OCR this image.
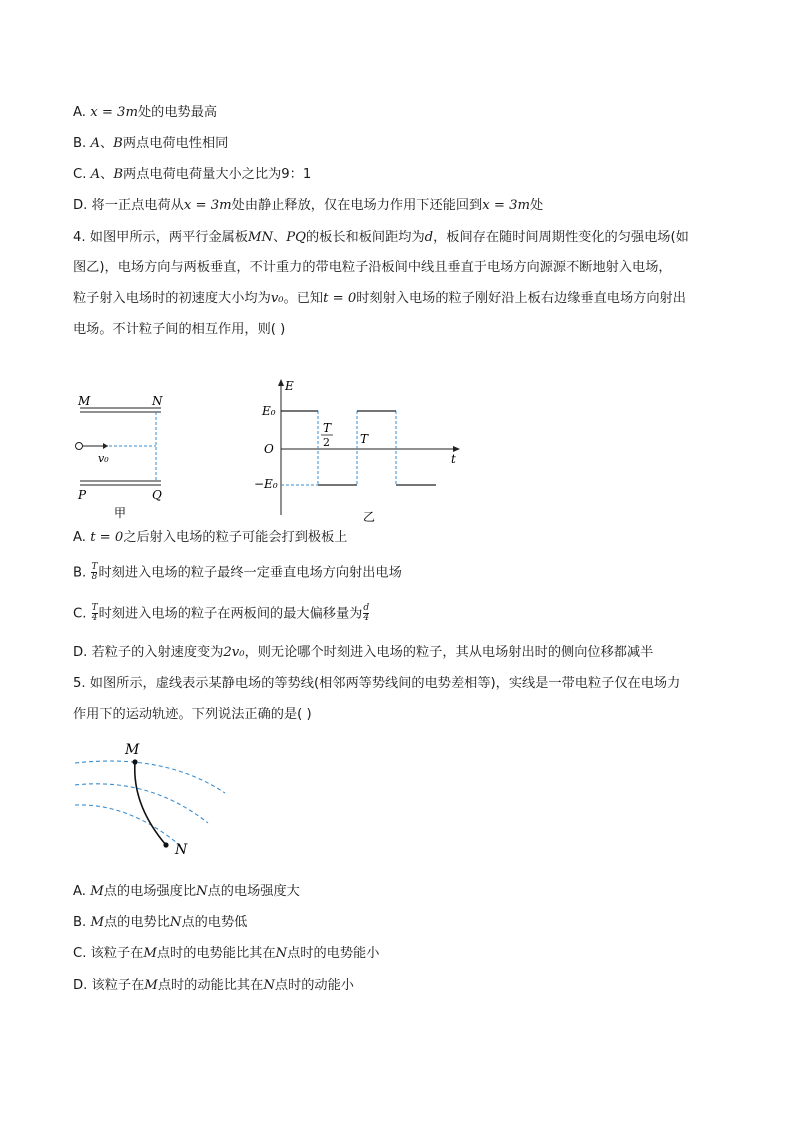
A. x = 3m处的电势最高
B. A、B两点电荷电性相同
C. A、B两点电荷电荷量大小之比为9：1
D. 将一正点电荷从x = 3m处由静止释放，仅在电场力作用下还能回到x = 3m处
4. 如图甲所示，两平行金属板MN、PQ的板长和板间距均为d，板间存在随时间周期性变化的匀强电场(如
图乙)，电场方向与两板垂直，不计重力的带电粒子沿板间中线且垂直于电场方向源源不断地射入电场，
粒子射入电场时的初速度大小均为v₀。已知t = 0时刻射入电场的粒子刚好沿上板右边缘垂直电场方向射出
电场。不计粒子间的相互作用，则( )
M	N
v₀
P	Q
甲
E
t
O
E₀
−E₀
T
2	T
乙
A. t = 0之后射入电场的粒子可能会打到极板上
B. $\frac{T}{8}$ 时刻进入电场的粒子最终一定垂直电场方向射出电场
C. $\frac{T}{4}$ 时刻进入电场的粒子在两板间的最大偏移量为 $\frac{d}{4}$
D. 若粒子的入射速度变为2v₀，则无论哪个时刻进入电场的粒子，其从电场射出时的侧向位移都减半
5. 如图所示，虚线表示某静电场的等势线(相邻两等势线间的电势差相等)，实线是一带电粒子仅在电场力
作用下的运动轨迹。下列说法正确的是( )
M
N
A. M点的电场强度比N点的电场强度大
B. M点的电势比N点的电势低
C. 该粒子在M点时的电势能比其在N点时的电势能小
D. 该粒子在M点时的动能比其在N点时的动能小
